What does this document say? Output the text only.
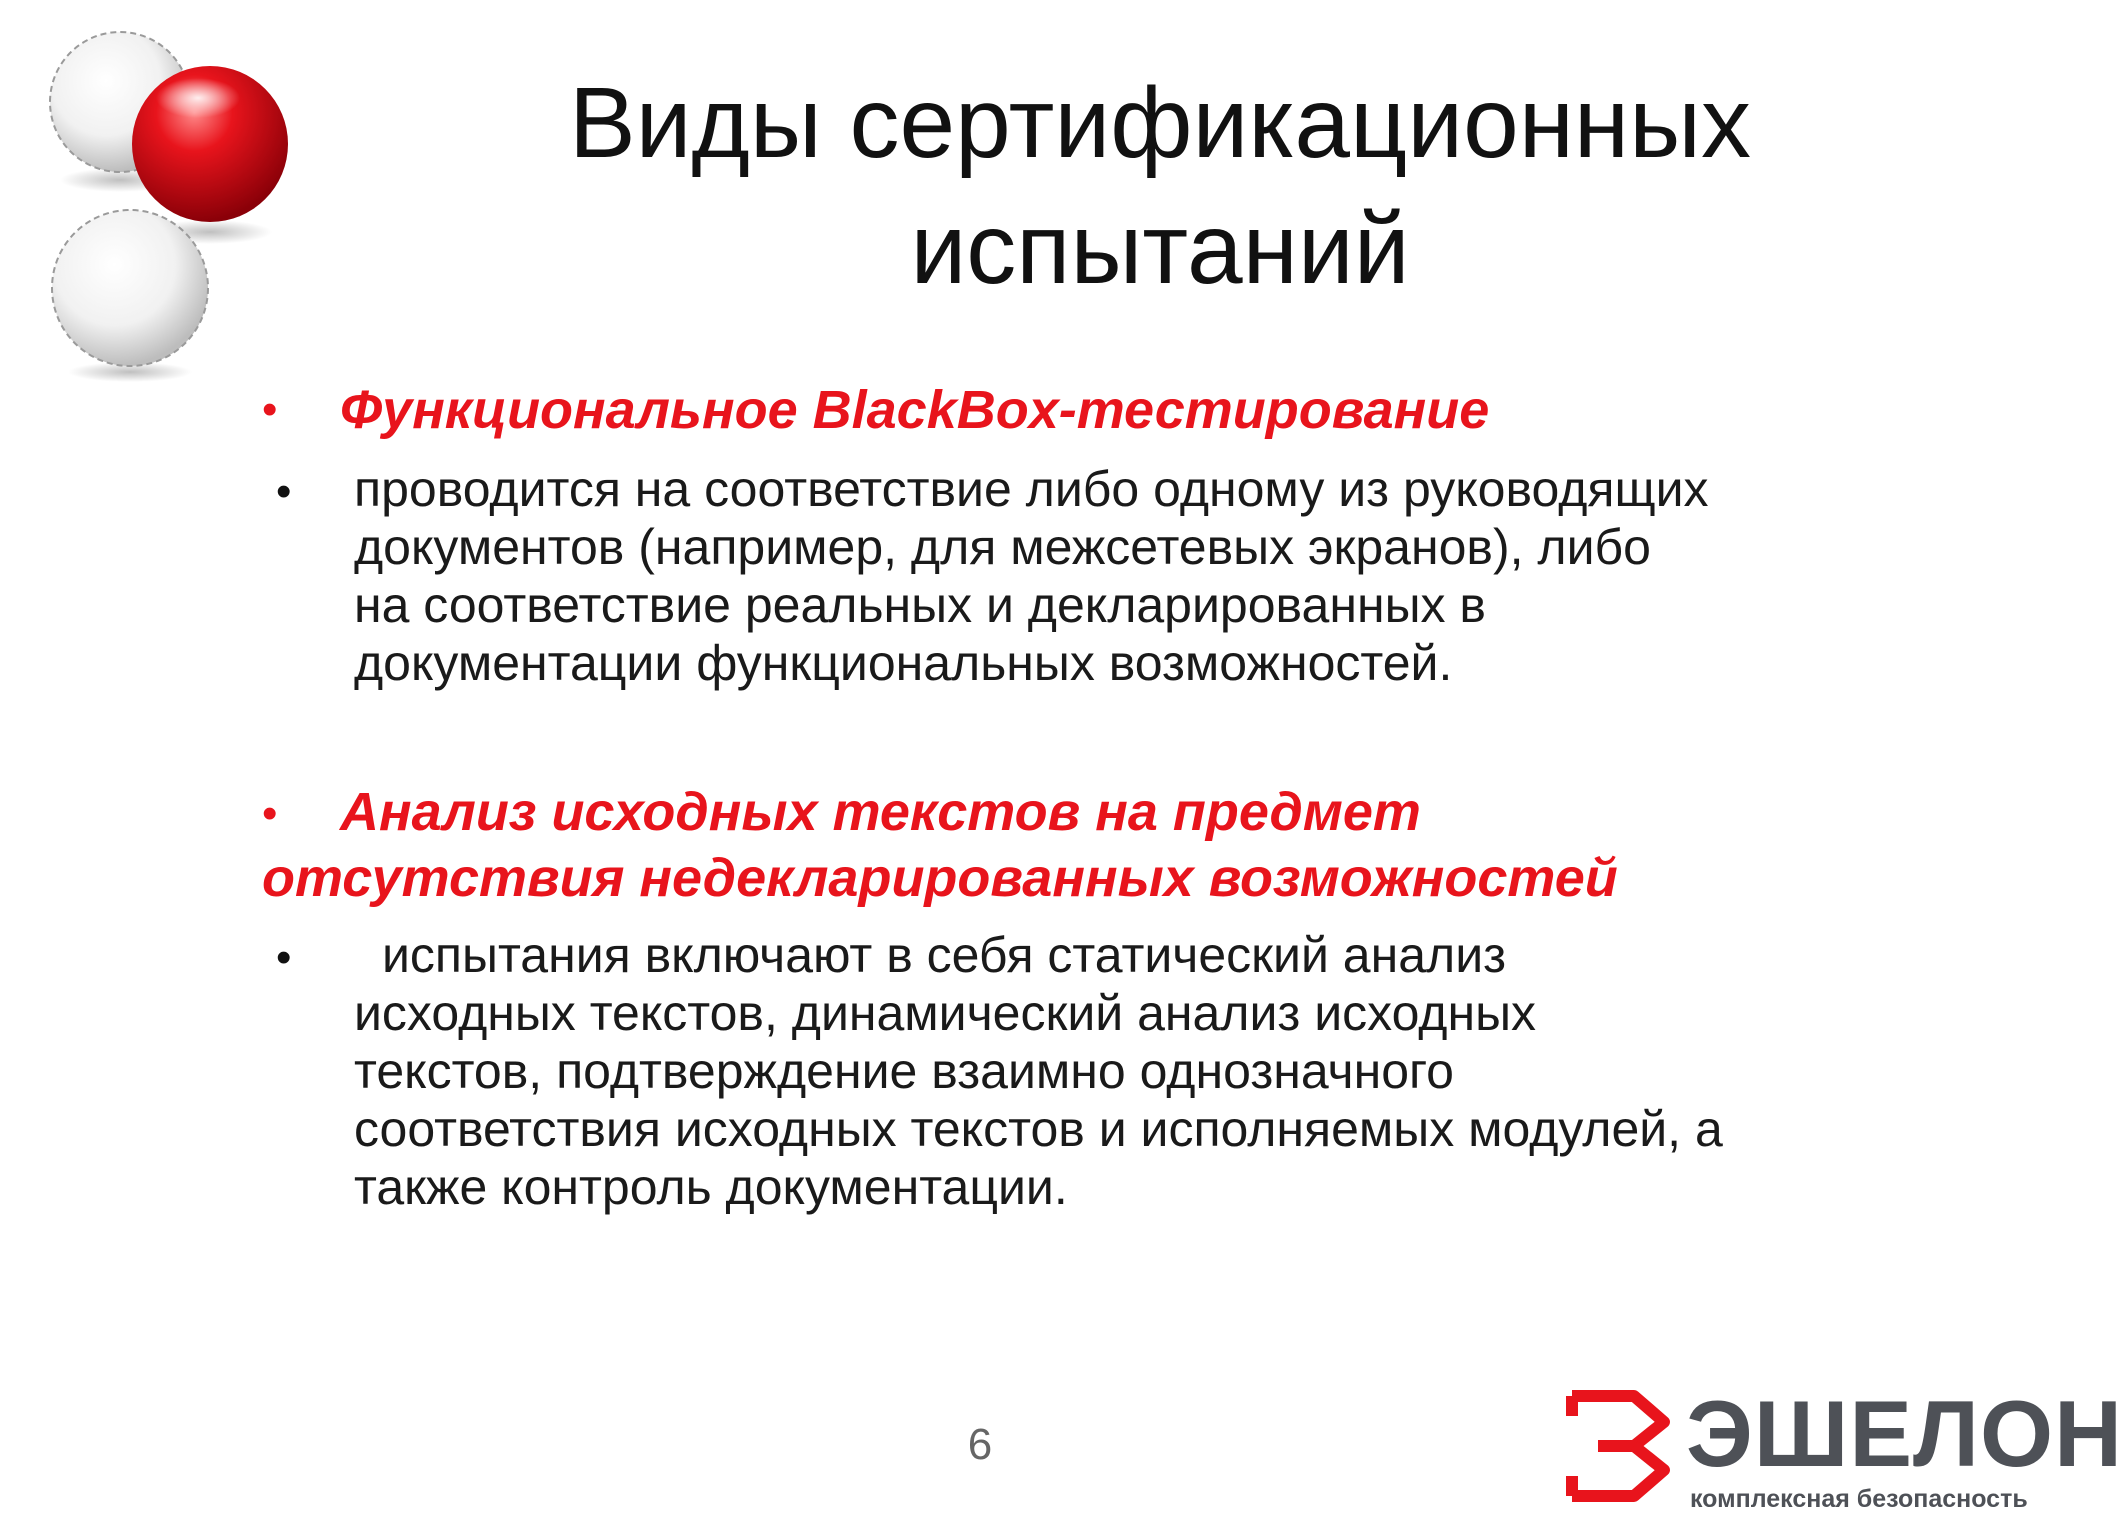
Виды сертификационных
испытаний
• Функциональное BlackBox-тестирование

• проводится на соответствие либо одному из руководящих
документов (например, для межсетевых экранов), либо
на соответствие реальных и декларированных в
документации функциональных возможностей.
• Анализ исходных текстов на предмет
отсутствия недекларированных возможностей
•	испытания включают в себя статический анализ
исходных текстов, динамический анализ исходных
текстов, подтверждение взаимно однозначного
соответствия исходных текстов и исполняемых модулей, а
также контроль документации.
6	ЭШЕЛОН
комплексная безопасность
